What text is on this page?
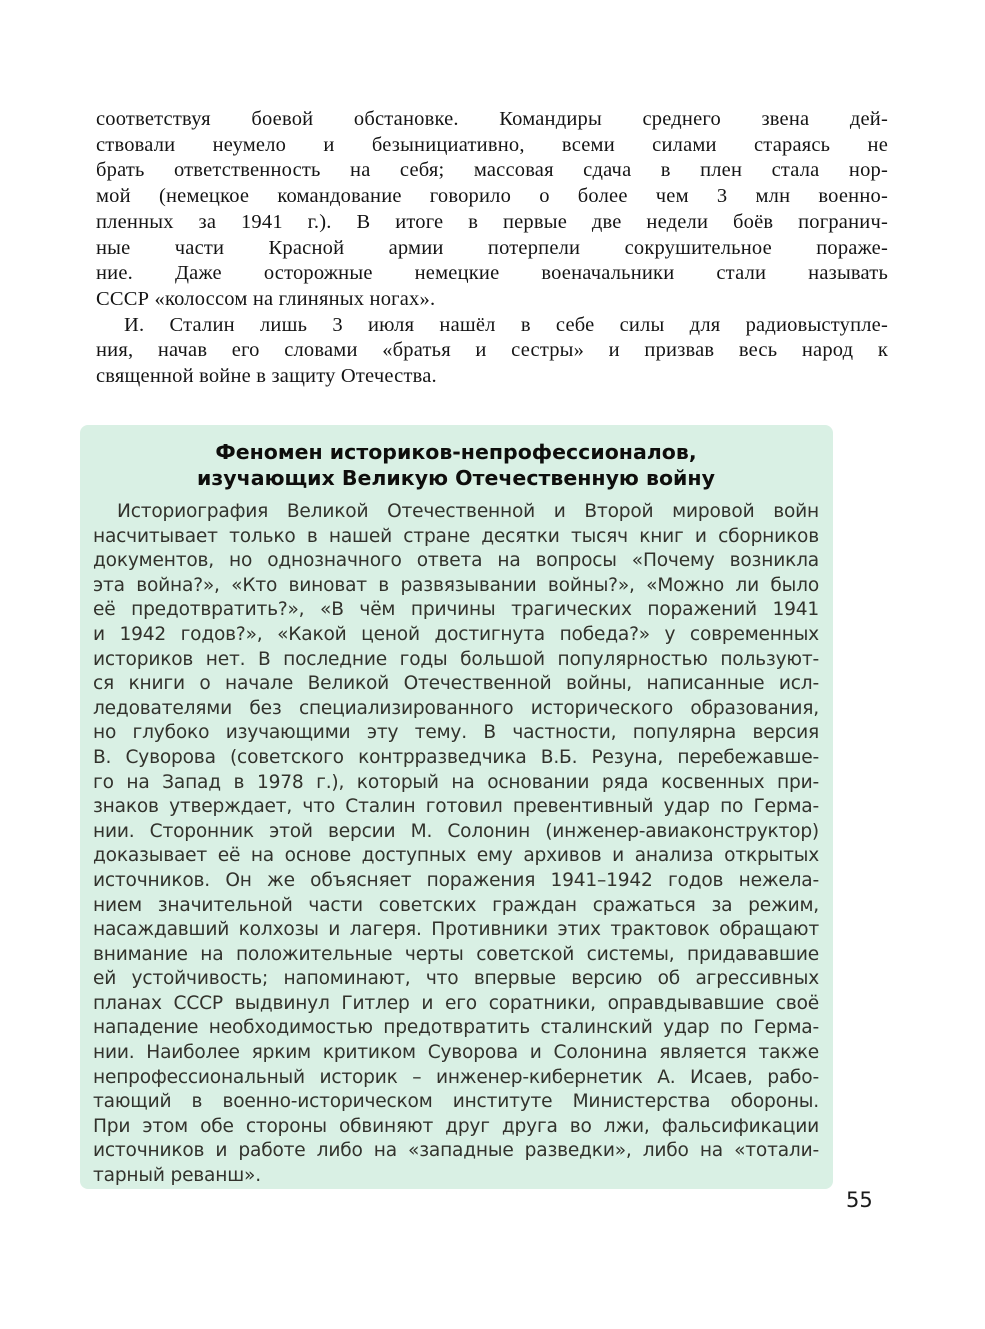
соответствуя боевой обстановке. Командиры среднего звена дей-
ствовали неумело и безынициативно, всеми силами стараясь не
брать ответственность на себя; массовая сдача в плен стала нор-
мой (немецкое командование говорило о более чем 3 млн военно-
пленных за 1941 г.). В итоге в первые две недели боёв погранич-
ные части Красной армии потерпели сокрушительное пораже-
ние. Даже осторожные немецкие военачальники стали называть
СССР «колоссом на глиняных ногах».
И. Сталин лишь 3 июля нашёл в себе силы для радиовыступле-
ния, начав его словами «братья и сестры» и призвав весь народ к
священной войне в защиту Отечества.
Феномен историков-непрофессионалов,
изучающих Великую Отечественную войну
Историография Великой Отечественной и Второй мировой войн
насчитывает только в нашей стране десятки тысяч книг и сборников
документов, но однозначного ответа на вопросы «Почему возникла
эта война?», «Кто виноват в развязывании войны?», «Можно ли было
её предотвратить?», «В чём причины трагических поражений 1941
и 1942 годов?», «Какой ценой достигнута победа?» у современных
историков нет. В последние годы большой популярностью пользуют-
ся книги о начале Великой Отечественной войны, написанные исл-
ледователями без специализированного исторического образования,
но глубоко изучающими эту тему. В частности, популярна версия
В. Суворова (советского контрразведчика В.Б. Резуна, перебежавше-
го на Запад в 1978 г.), который на основании ряда косвенных при-
знаков утверждает, что Сталин готовил превентивный удар по Герма-
нии. Сторонник этой версии М. Солонин (инженер-авиаконструктор)
доказывает её на основе доступных ему архивов и анализа открытых
источников. Он же объясняет поражения 1941–1942 годов нежела-
нием значительной части советских граждан сражаться за режим,
насаждавший колхозы и лагеря. Противники этих трактовок обращают
внимание на положительные черты советской системы, придававшие
ей устойчивость; напоминают, что впервые версию об агрессивных
планах СССР выдвинул Гитлер и его соратники, оправдывавшие своё
нападение необходимостью предотвратить сталинский удар по Герма-
нии. Наиболее ярким критиком Суворова и Солонина является также
непрофессиональный историк – инженер-кибернетик А. Исаев, рабо-
тающий в военно-историческом институте Министерства обороны.
При этом обе стороны обвиняют друг друга во лжи, фальсификации
источников и работе либо на «западные разведки», либо на «тотали-
тарный реванш».
55
